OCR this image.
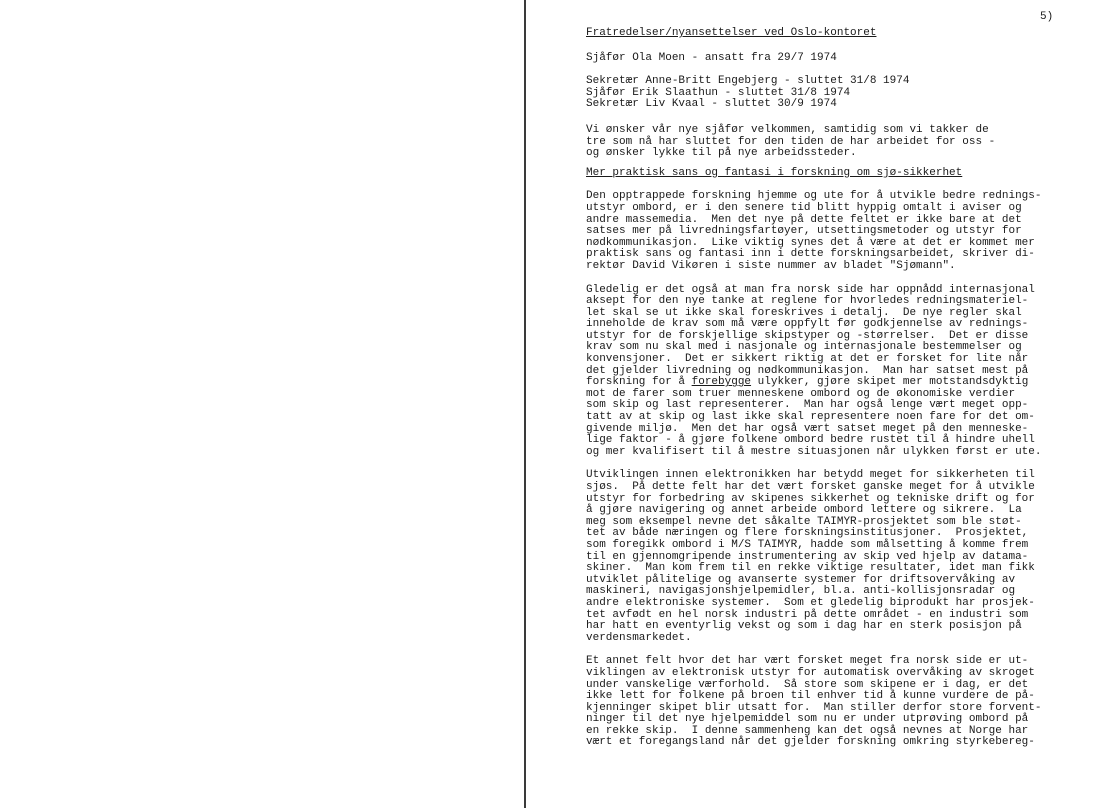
5)
Fratredelser/nyansettelser ved Oslo-kontoret
Sjåfør Ola Moen - ansatt fra 29/7 1974
Sekretær Anne-Britt Engebjerg - sluttet 31/8 1974
Sjåfør Erik Slaathun - sluttet 31/8 1974
Sekretær Liv Kvaal - sluttet 30/9 1974
Vi ønsker vår nye sjåfør velkommen, samtidig som vi takker de
tre som nå har sluttet for den tiden de har arbeidet for oss -
og ønsker lykke til på nye arbeidssteder.
Mer praktisk sans og fantasi i forskning om sjø-sikkerhet
Den opptrappede forskning hjemme og ute for å utvikle bedre rednings-
utstyr ombord, er i den senere tid blitt hyppig omtalt i aviser og
andre massemedia.  Men det nye på dette feltet er ikke bare at det
satses mer på livredningsfartøyer, utsettingsmetoder og utstyr for
nødkommunikasjon.  Like viktig synes det å være at det er kommet mer
praktisk sans og fantasi inn i dette forskningsarbeidet, skriver di-
rektør David Vikøren i siste nummer av bladet "Sjømann".
Gledelig er det også at man fra norsk side har oppnådd internasjonal
aksept for den nye tanke at reglene for hvorledes redningsmateriel-
let skal se ut ikke skal foreskrives i detalj.  De nye regler skal
inneholde de krav som må være oppfylt før godkjennelse av rednings-
utstyr for de forskjellige skipstyper og -størrelser.  Det er disse
krav som nu skal med i nasjonale og internasjonale bestemmelser og
konvensjoner.  Det er sikkert riktig at det er forsket for lite når
det gjelder livredning og nødkommunikasjon.  Man har satset mest på
forskning for å forebygge ulykker, gjøre skipet mer motstandsdyktig
mot de farer som truer menneskene ombord og de økonomiske verdier
som skip og last representerer.  Man har også lenge vært meget opp-
tatt av at skip og last ikke skal representere noen fare for det om-
givende miljø.  Men det har også vært satset meget på den menneske-
lige faktor - å gjøre folkene ombord bedre rustet til å hindre uhell
og mer kvalifisert til å mestre situasjonen når ulykken først er ute.
Utviklingen innen elektronikken har betydd meget for sikkerheten til
sjøs.  På dette felt har det vært forsket ganske meget for å utvikle
utstyr for forbedring av skipenes sikkerhet og tekniske drift og for
å gjøre navigering og annet arbeide ombord lettere og sikrere.  La
meg som eksempel nevne det såkalte TAIMYR-prosjektet som ble støt-
tet av både næringen og flere forskningsinstitusjoner.  Prosjektet,
som foregikk ombord i M/S TAIMYR, hadde som målsetting å komme frem
til en gjennomgripende instrumentering av skip ved hjelp av datama-
skiner.  Man kom frem til en rekke viktige resultater, idet man fikk
utviklet pålitelige og avanserte systemer for driftsovervåking av
maskineri, navigasjonshjelpemidler, bl.a. anti-kollisjonsradar og
andre elektroniske systemer.  Som et gledelig biprodukt har prosjek-
tet avfødt en hel norsk industri på dette området - en industri som
har hatt en eventyrlig vekst og som i dag har en sterk posisjon på
verdensmarkedet.
Et annet felt hvor det har vært forsket meget fra norsk side er ut-
viklingen av elektronisk utstyr for automatisk overvåking av skroget
under vanskelige værforhold.  Så store som skipene er i dag, er det
ikke lett for folkene på broen til enhver tid å kunne vurdere de på-
kjenninger skipet blir utsatt for.  Man stiller derfor store forvent-
ninger til det nye hjelpemiddel som nu er under utprøving ombord på
en rekke skip.  I denne sammenheng kan det også nevnes at Norge har
vært et foregangsland når det gjelder forskning omkring styrkebereg-
